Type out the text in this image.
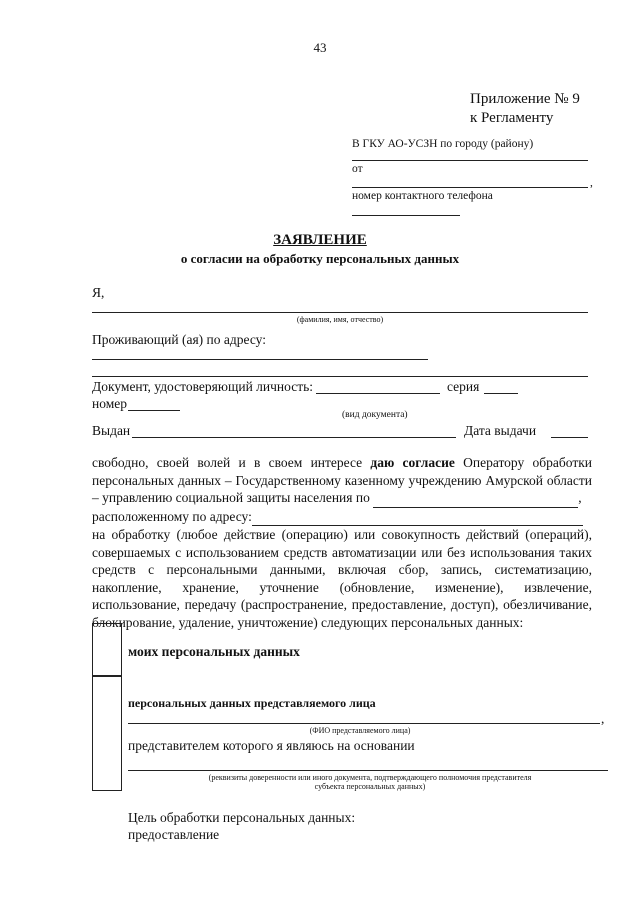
43
Приложение № 9
к Регламенту
В ГКУ АО-УСЗН по городу (району)
от
,
номер контактного телефона
ЗАЯВЛЕНИЕ
о согласии на обработку персональных данных
Я,
(фамилия, имя, отчество)
Проживающий (ая) по адресу:
Документ, удостоверяющий личность:	серия
номер
(вид документа)
Выдан	Дата выдачи

свободно, своей волей и в своем интересе даю согласие Оператору обработки персональных данных – Государственному казенному учреждению Амурской области – управлению социальной защиты населения по	,

расположенному по адресу:

на обработку (любое действие (операцию) или совокупность действий (операций), совершаемых с использованием средств автоматизации или без использования таких средств с персональными данными, включая сбор, запись, систематизацию, накопление, хранение, уточнение (обновление, изменение), извлечение, использование, передачу (распространение, предоставление, доступ), обезличивание, блокирование, удаление, уничтожение) следующих персональных данных:

моих персональных данных
персональных данных представляемого лица
,
(ФИО представляемого лица)
представителем которого я являюсь на основании
(реквизиты доверенности или иного документа, подтверждающего полномочия представителя
субъекта персональных данных)
Цель обработки персональных данных:
предоставление
